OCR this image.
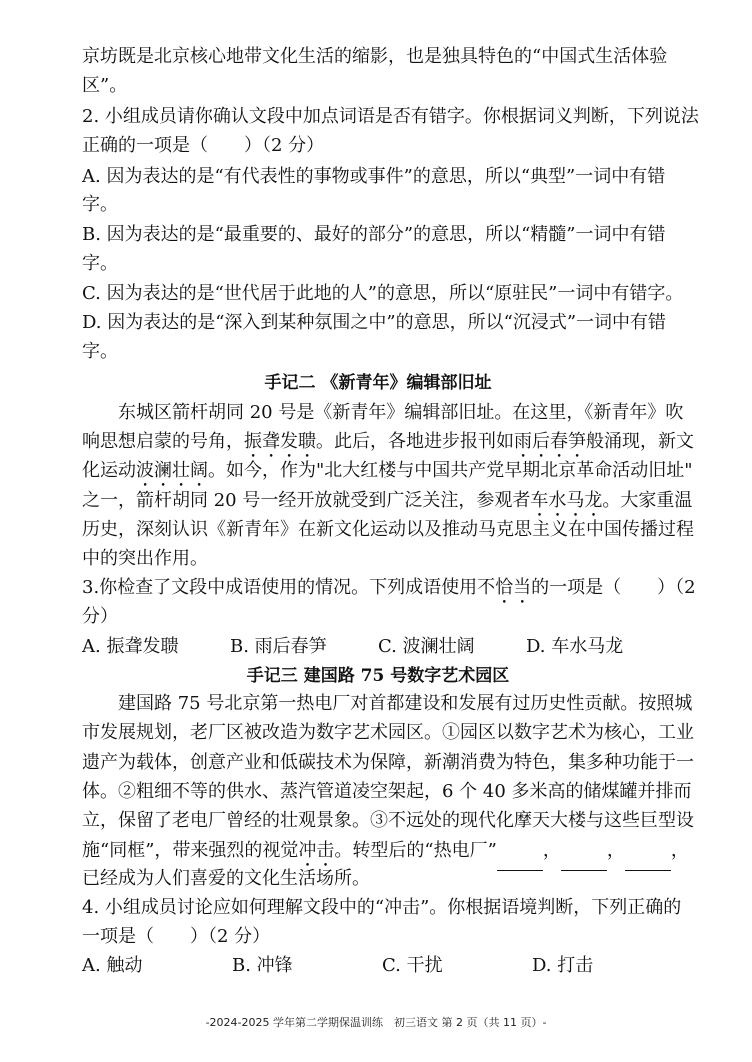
京坊既是北京核心地带文化生活的缩影，也是独具特色的“中国式生活体验
区”。
2. 小组成员请你确认文段中加点词语是否有错字。你根据词义判断，下列说法
正确的一项是（　　）（2 分）
A. 因为表达的是“有代表性的事物或事件”的意思，所以“典型”一词中有错
字。
B. 因为表达的是“最重要的、最好的部分”的意思，所以“精髓”一词中有错
字。
C. 因为表达的是“世代居于此地的人”的意思，所以“原驻民”一词中有错字。
D. 因为表达的是“深入到某种氛围之中”的意思，所以“沉浸式”一词中有错
字。
手记二 《新青年》编辑部旧址
东城区箭杆胡同 20 号是《新青年》编辑部旧址。在这里，《新青年》吹
响思想启蒙的号角，振聋发聩。此后，各地进步报刊如雨后春笋般涌现，新文
化运动波澜壮阔。如今，作为"北大红楼与中国共产党早期北京革命活动旧址"
之一，箭杆胡同 20 号一经开放就受到广泛关注，参观者车水马龙。大家重温
历史，深刻认识《新青年》在新文化运动以及推动马克思主义在中国传播过程
中的突出作用。
3.你检查了文段中成语使用的情况。下列成语使用不恰当的一项是（　　）（2
分）
A. 振聋发聩	B. 雨后春笋	C. 波澜壮阔	D. 车水马龙
手记三 建国路 75 号数字艺术园区
建国路 75 号北京第一热电厂对首都建设和发展有过历史性贡献。按照城
市发展规划，老厂区被改造为数字艺术园区。①园区以数字艺术为核心，工业
遗产为载体，创意产业和低碳技术为保障，新潮消费为特色，集多种功能于一
体。②粗细不等的供水、蒸汽管道凌空架起，6 个 40 多米高的储煤罐并排而
立，保留了老电厂曾经的壮观景象。③不远处的现代化摩天大楼与这些巨型设
施“同框”，带来强烈的视觉冲击。转型后的“热电厂”	，	，	，
已经成为人们喜爱的文化生活场所。
4. 小组成员讨论应如何理解文段中的“冲击”。你根据语境判断，下列正确的
一项是（　　）（2 分）
A. 触动	B. 冲锋	C. 干扰	D. 打击
-2024-2025 学年第二学期保温训练　初三语文 第 2 页（共 11 页）-
